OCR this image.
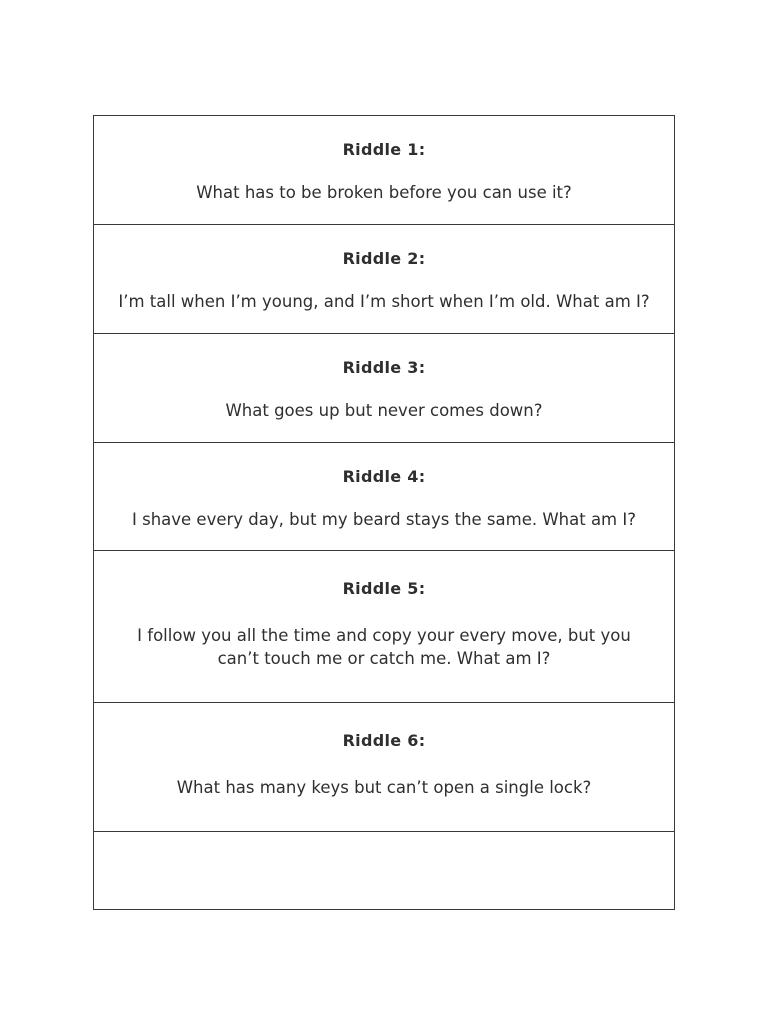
Riddle 1:

What has to be broken before you can use it?

Riddle 2:

I’m tall when I’m young, and I’m short when I’m old. What am I?

Riddle 3:

What goes up but never comes down?

Riddle 4:

I shave every day, but my beard stays the same. What am I?

Riddle 5:

I follow you all the time and copy your every move, but you can’t touch me or catch me. What am I?

Riddle 6:

What has many keys but can’t open a single lock?
